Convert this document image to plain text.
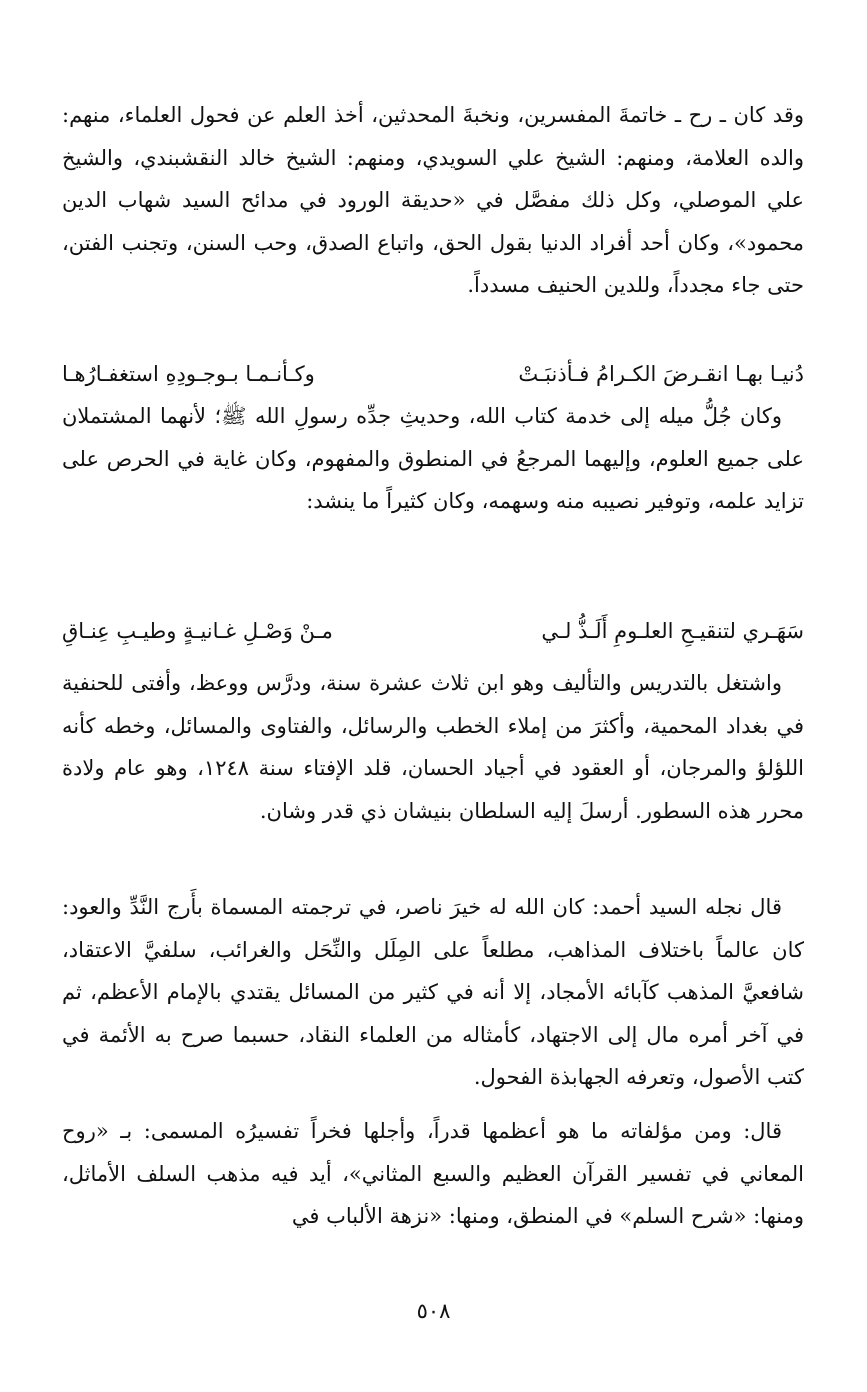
وقد كان ـ رح ـ خاتمةَ المفسرين، ونخبةَ المحدثين، أخذ العلم عن فحول العلماء، منهم: والده العلامة، ومنهم: الشيخ علي السويدي، ومنهم: الشيخ خالد النقشبندي، والشيخ علي الموصلي، وكل ذلك مفصَّل في «حديقة الورود في مدائح السيد شهاب الدين محمود»، وكان أحد أفراد الدنيا بقول الحق، واتباع الصدق، وحب السنن، وتجنب الفتن، حتى جاء مجدداً، وللدين الحنيف مسدداً.
دُنيـا بهـا انقـرضَ الكـرامُ فـأذنبَـتْ
وكـأنـمـا بـوجـودِهِ استغفـارُهـا
وكان جُلُّ ميله إلى خدمة كتاب الله، وحديثِ جدِّه رسولِ الله ﷺ؛ لأنهما المشتملان على جميع العلوم، وإليهما المرجعُ في المنطوق والمفهوم، وكان غاية في الحرص على تزايد علمه، وتوفير نصيبه منه وسهمه، وكان كثيراً ما ينشد:
سَهَـري لتنقيـحِ العلـومِ أَلَـذُّ لـي
مـنْ وَصْـلِ غـانيـةٍ وطيـبِ عِنـاقِ
واشتغل بالتدريس والتأليف وهو ابن ثلاث عشرة سنة، ودرَّس ووعظ، وأفتى للحنفية في بغداد المحمية، وأكثرَ من إملاء الخطب والرسائل، والفتاوى والمسائل، وخطه كأنه اللؤلؤ والمرجان، أو العقود في أجياد الحسان، قلد الإفتاء سنة ١٢٤٨، وهو عام ولادة محرر هذه السطور. أرسلَ إليه السلطان بنيشان ذي قدر وشان.
قال نجله السيد أحمد: كان الله له خيرَ ناصر، في ترجمته المسماة بأَرج النَّدِّ والعود: كان عالماً باختلاف المذاهب، مطلعاً على المِلَل والنِّحَل والغرائب، سلفيَّ الاعتقاد، شافعيَّ المذهب كآبائه الأمجاد، إلا أنه في كثير من المسائل يقتدي بالإمام الأعظم، ثم في آخر أمره مال إلى الاجتهاد، كأمثاله من العلماء النقاد، حسبما صرح به الأئمة في كتب الأصول، وتعرفه الجهابذة الفحول.
قال: ومن مؤلفاته ما هو أعظمها قدراً، وأجلها فخراً تفسيرُه المسمى: بـ «روح المعاني في تفسير القرآن العظيم والسبع المثاني»، أيد فيه مذهب السلف الأماثل، ومنها: «شرح السلم» في المنطق، ومنها: «نزهة الألباب في
٥٠٨
